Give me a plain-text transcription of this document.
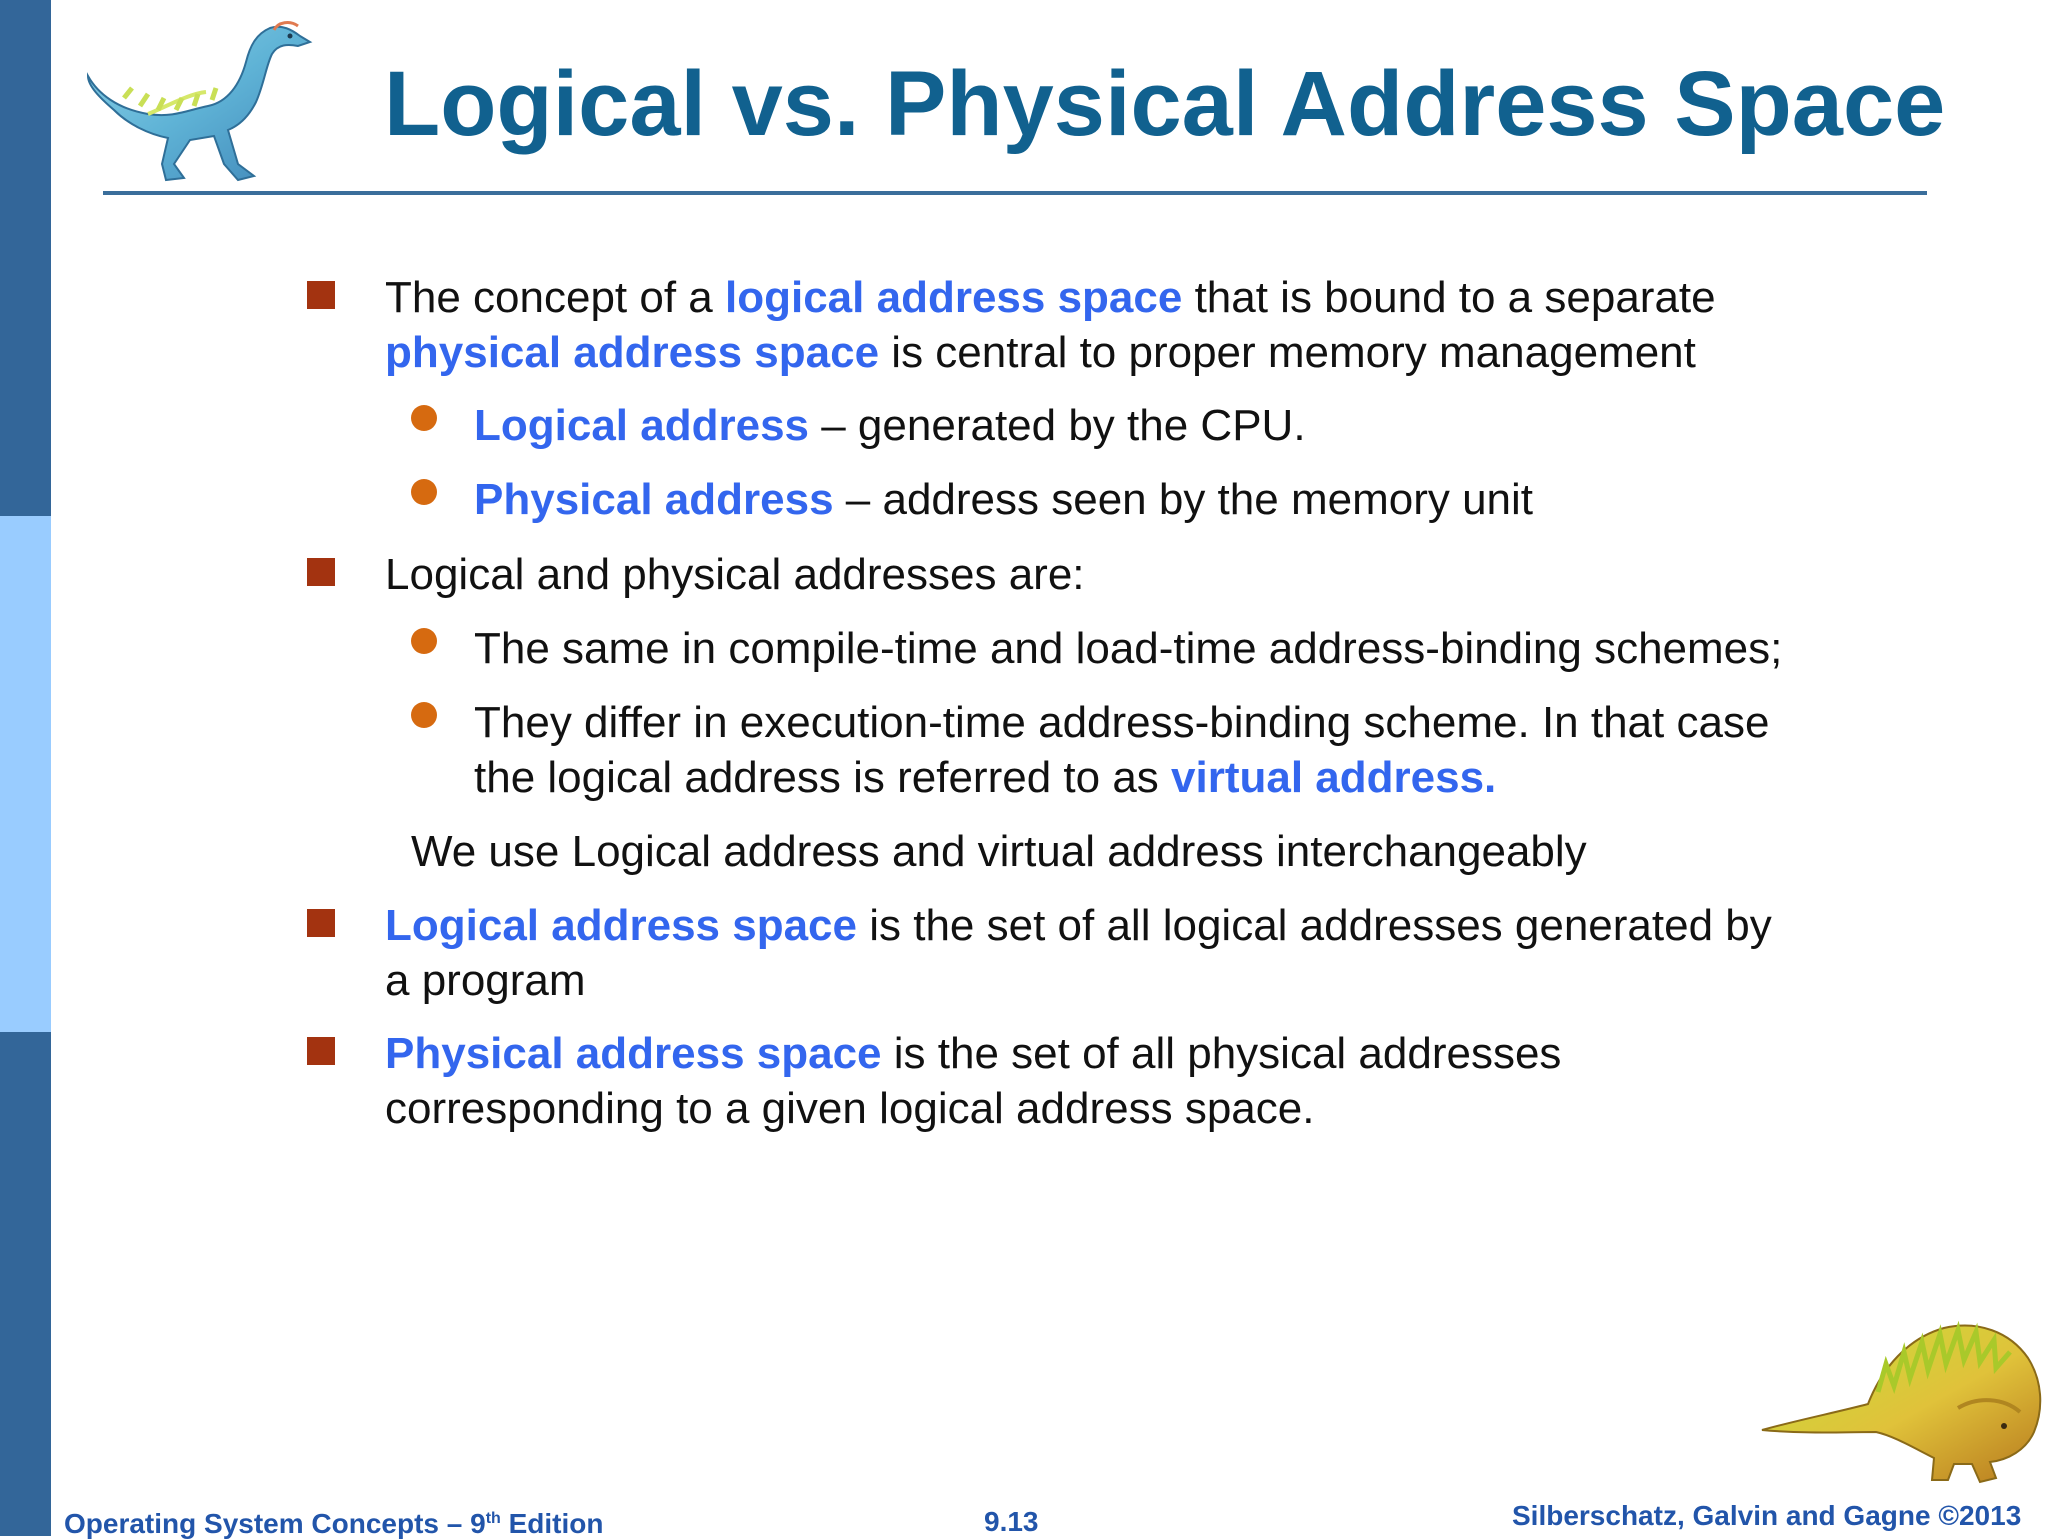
Logical vs. Physical Address Space
The concept of a logical address space that is bound to a separate
physical address space is central to proper memory management
Logical address – generated by the CPU.
Physical address – address seen by the memory unit
Logical and physical addresses are:
The same in compile-time and load-time address-binding schemes;
They differ in execution-time address-binding scheme. In that case
the logical address is referred to as virtual address.
We use Logical address and virtual address interchangeably
Logical address space is the set of all logical addresses generated by
a program
Physical address space is the set of all physical addresses
corresponding to a given logical address space.
Operating System Concepts – 9th Edition	9.13	Silberschatz, Galvin and Gagne ©2013
